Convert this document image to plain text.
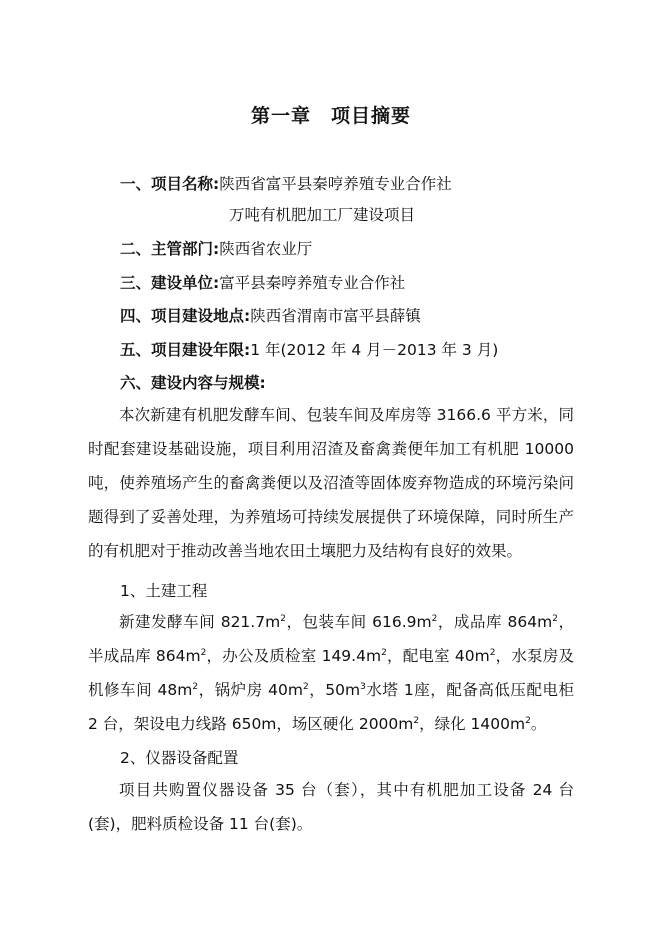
第一章　项目摘要
一、项目名称:陕西省富平县秦哼养殖专业合作社
万吨有机肥加工厂建设项目
二、主管部门:陕西省农业厅
三、建设单位:富平县秦哼养殖专业合作社
四、项目建设地点:陕西省渭南市富平县薛镇
五、项目建设年限:1 年(2012 年 4 月－2013 年 3 月)
六、建设内容与规模:
本次新建有机肥发酵车间、包装车间及库房等 3166.6 平方米，同时配套建设基础设施，项目利用沼渣及畜禽粪便年加工有机肥 10000吨，使养殖场产生的畜禽粪便以及沼渣等固体废弃物造成的环境污染问题得到了妥善处理，为养殖场可持续发展提供了环境保障，同时所生产的有机肥对于推动改善当地农田土壤肥力及结构有良好的效果。
1、土建工程
新建发酵车间 $821.7m^2$，包装车间 $616.9m^2$，成品库 $864m^2$，半成品库 $864m^2$，办公及质检室 $149.4m^2$，配电室 $40m^2$，水泵房及机修车间 $48m^2$，锅炉房 $40m^2$，$50m^3$水塔 1座，配备高低压配电柜 2 台，架设电力线路 650m，场区硬化 $2000m^2$，绿化 $1400m^2$。
2、仪器设备配置
项目共购置仪器设备 35 台（套），其中有机肥加工设备 24 台(套)，肥料质检设备 11 台(套)。
